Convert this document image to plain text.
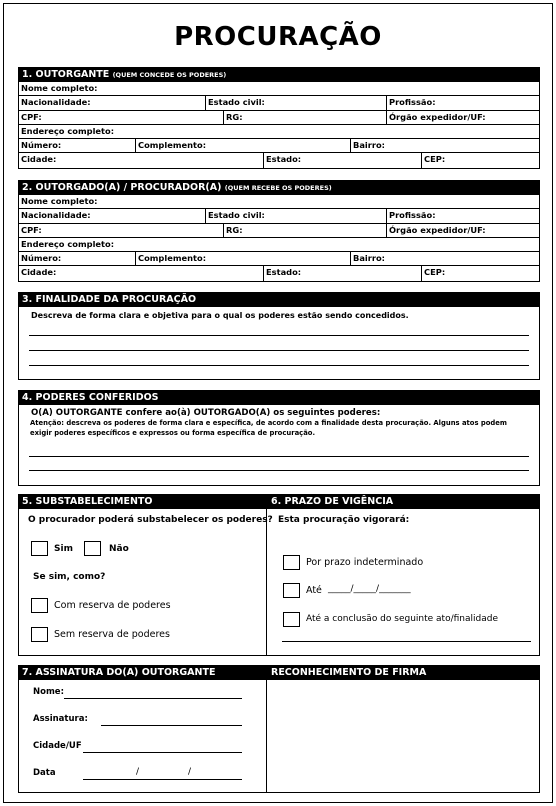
PROCURAÇÃO
1. OUTORGANTE (QUEM CONCEDE OS PODERES)
Nome completo:
Nacionalidade:	Estado civil:	Profissão:
CPF:	RG:	Órgão expedidor/UF:
Endereço completo:
Número:	Complemento:	Bairro:
Cidade:	Estado:	CEP:
2. OUTORGADO(A) / PROCURADOR(A) (QUEM RECEBE OS PODERES)
Nome completo:
Nacionalidade:	Estado civil:	Profissão:
CPF:	RG:	Órgão expedidor/UF:
Endereço completo:
Número:	Complemento:	Bairro:
Cidade:	Estado:	CEP:
3. FINALIDADE DA PROCURAÇÃO
Descreva de forma clara e objetiva para o qual os poderes estão sendo concedidos.
4. PODERES CONFERIDOS
O(A) OUTORGANTE confere ao(à) OUTORGADO(A) os seguintes poderes:
Atenção: descreva os poderes de forma clara e específica, de acordo com a finalidade desta procuração. Alguns atos podem exigir poderes específicos e expressos ou forma específica de procuração.
5. SUBSTABELECIMENTO	6. PRAZO DE VIGÊNCIA
O procurador poderá substabelecer os poderes?
Sim	Não
Se sim, como?
Com reserva de poderes
Sem reserva de poderes
Esta procuração vigorará:
Por prazo indeterminado
Até _____/_____/_______
Até a conclusão do seguinte ato/finalidade
7. ASSINATURA DO(A) OUTORGANTE	RECONHECIMENTO DE FIRMA
Nome:
Assinatura:
Cidade/UF
Data	/	/
